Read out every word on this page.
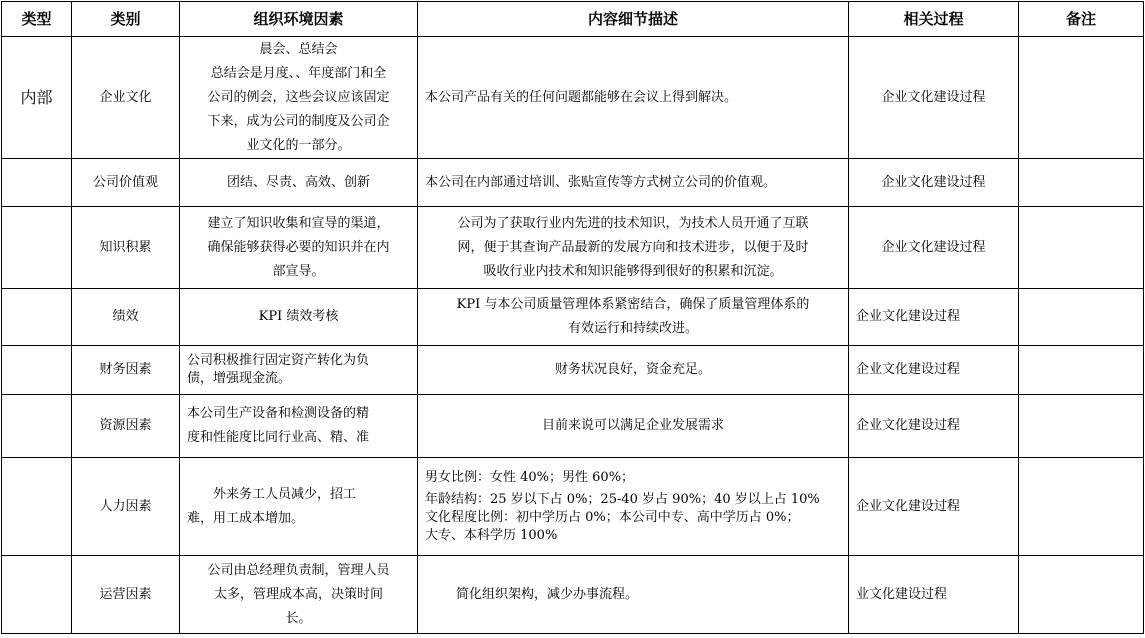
类型	类别	组织环境因素	内容细节描述	相关过程	备注
内部	企业文化	晨会、总结会
总结会是月度、、年度部门和全
公司的例会，这些会议应该固定
下来，成为公司的制度及公司企
业文化的一部分。	本公司产品有关的任何问题都能够在会议上得到解决。	企业文化建设过程	
	公司价值观	团结、尽责、高效、创新	本公司在内部通过培训、张贴宣传等方式树立公司的价值观。	企业文化建设过程	
	知识积累	建立了知识收集和宣导的渠道，
确保能够获得必要的知识并在内
部宣导。	公司为了获取行业内先进的技术知识，为技术人员开通了互联
网，便于其查询产品最新的发展方向和技术进步，以便于及时
吸收行业内技术和知识能够得到很好的积累和沉淀。	企业文化建设过程	
	绩效	KPI 绩效考核	KPI 与本公司质量管理体系紧密结合，确保了质量管理体系的
有效运行和持续改进。	企业文化建设过程	
	财务因素	公司积极推行固定资产转化为负
债，增强现金流。	财务状况良好，资金充足。	企业文化建设过程	
	资源因素	本公司生产设备和检测设备的精
度和性能度比同行业高、精、准	目前来说可以满足企业发展需求	企业文化建设过程	
	人力因素	外来务工人员减少，招工
难，用工成本增加。	男女比例：女性 40%；男性 60%；
年龄结构：25 岁以下占 0%；25-40 岁占 90%；40 岁以上占 10%
文化程度比例：初中学历占 0%；本公司中专、高中学历占 0%；
大专、本科学历 100%	企业文化建设过程	
	运营因素	公司由总经理负责制，管理人员
太多，管理成本高，决策时间
长。	简化组织架构，减少办事流程。	业文化建设过程	
